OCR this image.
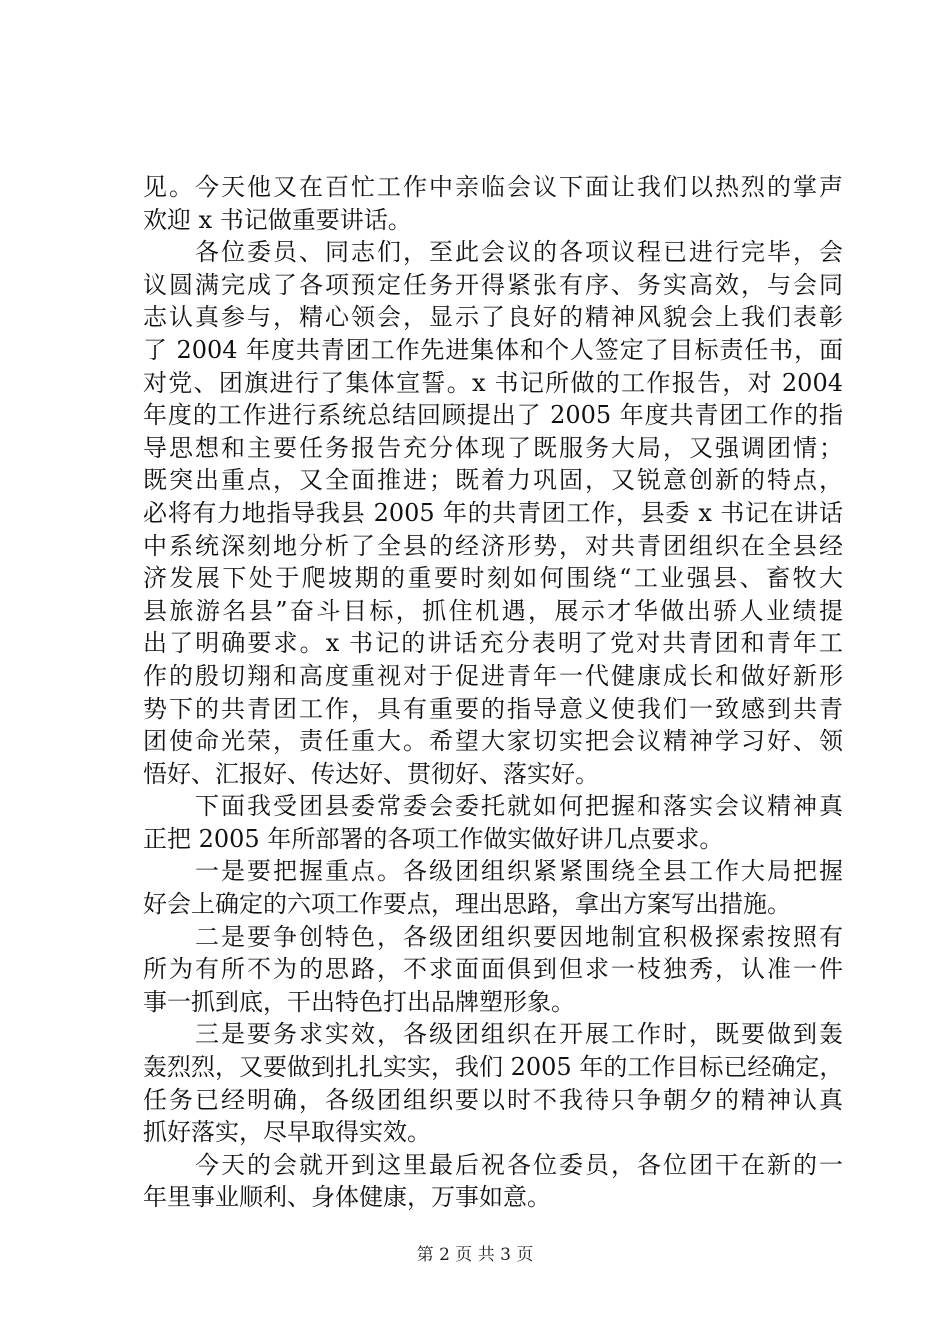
见。今天他又在百忙工作中亲临会议下面让我们以热烈的掌声
欢迎 x 书记做重要讲话。
　　各位委员、同志们，至此会议的各项议程已进行完毕，会
议圆满完成了各项预定任务开得紧张有序、务实高效，与会同
志认真参与，精心领会，显示了良好的精神风貌会上我们表彰
了 2004 年度共青团工作先进集体和个人签定了目标责任书，面
对党、团旗进行了集体宣誓。x 书记所做的工作报告，对 2004
年度的工作进行系统总结回顾提出了 2005 年度共青团工作的指
导思想和主要任务报告充分体现了既服务大局，又强调团情；
既突出重点，又全面推进；既着力巩固，又锐意创新的特点，
必将有力地指导我县 2005 年的共青团工作，县委 x 书记在讲话
中系统深刻地分析了全县的经济形势，对共青团组织在全县经
济发展下处于爬坡期的重要时刻如何围绕“工业强县、畜牧大
县旅游名县”奋斗目标，抓住机遇，展示才华做出骄人业绩提
出了明确要求。x 书记的讲话充分表明了党对共青团和青年工
作的殷切翔和高度重视对于促进青年一代健康成长和做好新形
势下的共青团工作，具有重要的指导意义使我们一致感到共青
团使命光荣，责任重大。希望大家切实把会议精神学习好、领
悟好、汇报好、传达好、贯彻好、落实好。
　　下面我受团县委常委会委托就如何把握和落实会议精神真
正把 2005 年所部署的各项工作做实做好讲几点要求。
　　一是要把握重点。各级团组织紧紧围绕全县工作大局把握
好会上确定的六项工作要点，理出思路，拿出方案写出措施。
　　二是要争创特色，各级团组织要因地制宜积极探索按照有
所为有所不为的思路，不求面面俱到但求一枝独秀，认准一件
事一抓到底，干出特色打出品牌塑形象。
　　三是要务求实效，各级团组织在开展工作时，既要做到轰
轰烈烈，又要做到扎扎实实，我们 2005 年的工作目标已经确定，
任务已经明确，各级团组织要以时不我待只争朝夕的精神认真
抓好落实，尽早取得实效。
　　今天的会就开到这里最后祝各位委员，各位团干在新的一
年里事业顺利、身体健康，万事如意。
第 2 页 共 3 页
